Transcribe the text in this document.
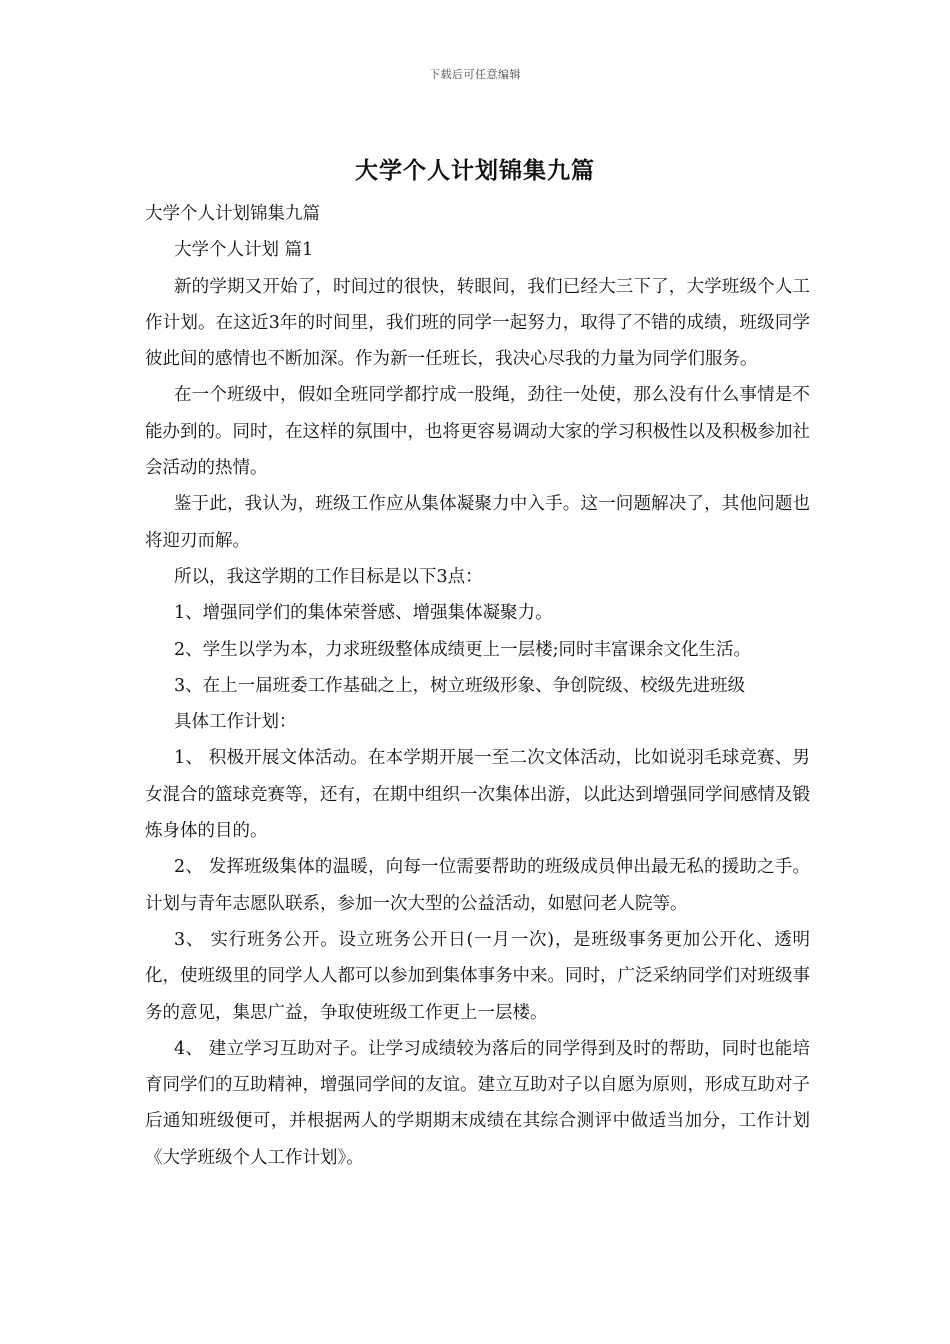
下载后可任意编辑
大学个人计划锦集九篇

大学个人计划锦集九篇

大学个人计划 篇1

新的学期又开始了，时间过的很快，转眼间，我们已经大三下了，大学班级个人工作计划。在这近3年的时间里，我们班的同学一起努力，取得了不错的成绩，班级同学彼此间的感情也不断加深。作为新一任班长，我决心尽我的力量为同学们服务。

在一个班级中，假如全班同学都拧成一股绳，劲往一处使，那么没有什么事情是不能办到的。同时，在这样的氛围中，也将更容易调动大家的学习积极性以及积极参加社会活动的热情。

鉴于此，我认为，班级工作应从集体凝聚力中入手。这一问题解决了，其他问题也将迎刃而解。

所以，我这学期的工作目标是以下3点：

1、增强同学们的集体荣誉感、增强集体凝聚力。

2、学生以学为本，力求班级整体成绩更上一层楼;同时丰富课余文化生活。

3、在上一届班委工作基础之上，树立班级形象、争创院级、校级先进班级

具体工作计划：

1、 积极开展文体活动。在本学期开展一至二次文体活动，比如说羽毛球竞赛、男女混合的篮球竞赛等，还有，在期中组织一次集体出游，以此达到增强同学间感情及锻炼身体的目的。

2、 发挥班级集体的温暖，向每一位需要帮助的班级成员伸出最无私的援助之手。计划与青年志愿队联系，参加一次大型的公益活动，如慰问老人院等。

3、 实行班务公开。设立班务公开日(一月一次)，是班级事务更加公开化、透明化，使班级里的同学人人都可以参加到集体事务中来。同时，广泛采纳同学们对班级事务的意见，集思广益，争取使班级工作更上一层楼。

4、 建立学习互助对子。让学习成绩较为落后的同学得到及时的帮助，同时也能培育同学们的互助精神，增强同学间的友谊。建立互助对子以自愿为原则，形成互助对子后通知班级便可，并根据两人的学期期末成绩在其综合测评中做适当加分，工作计划《大学班级个人工作计划》。
